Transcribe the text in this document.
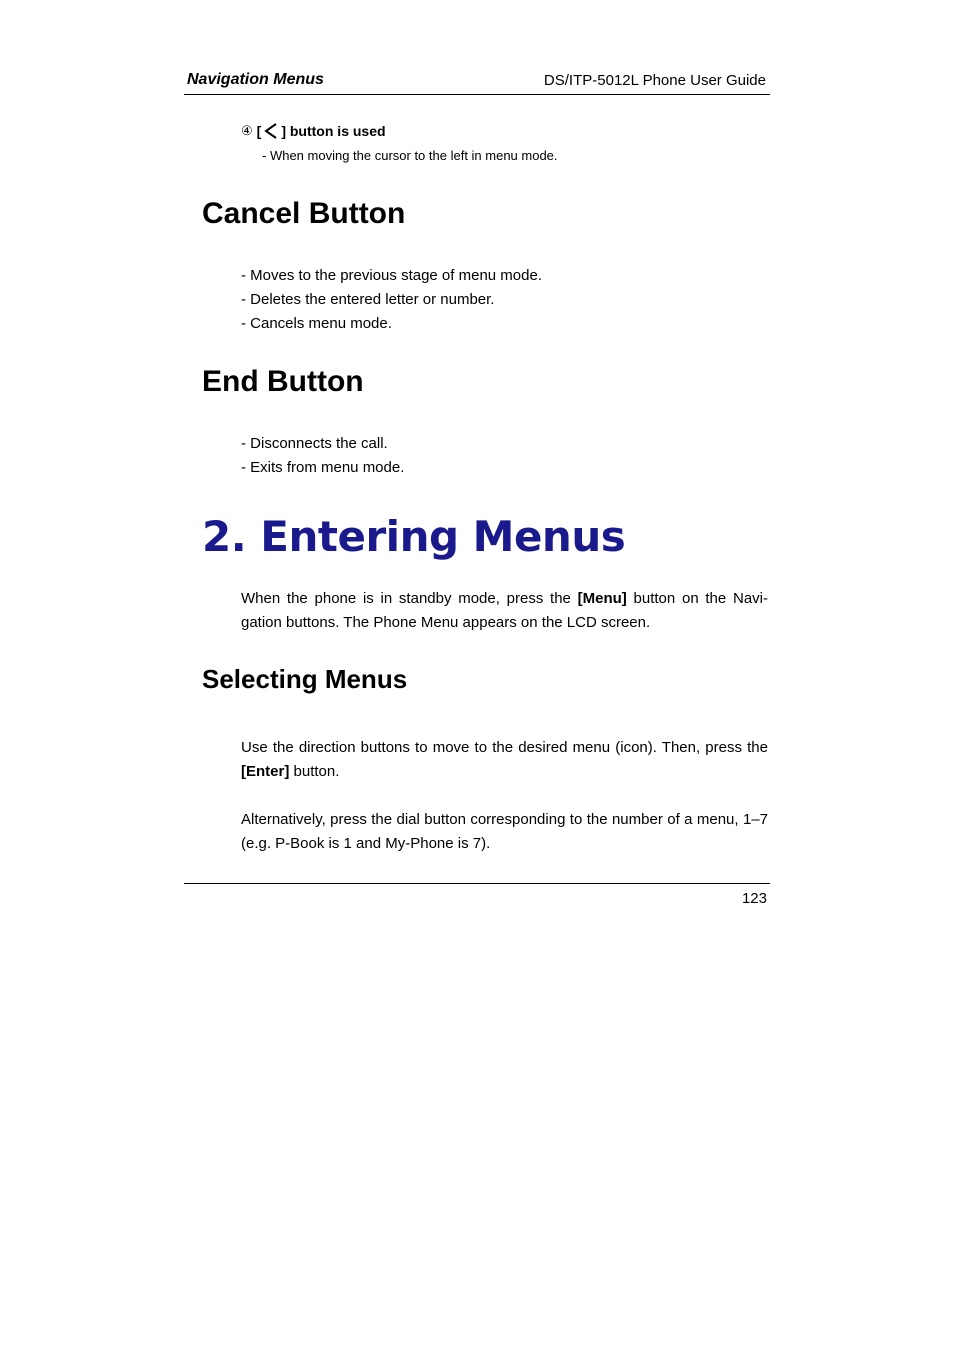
Navigation Menus	DS/ITP-5012L Phone User Guide
④ [ ] button is used
- When moving the cursor to the left in menu mode.
Cancel Button
- Moves to the previous stage of menu mode.
- Deletes the entered letter or number.
- Cancels menu mode.
End Button
- Disconnects the call.
- Exits from menu mode.
2. Entering Menus
When the phone is in standby mode, press the [Menu] button on the Navi-gation buttons. The Phone Menu appears on the LCD screen.
Selecting Menus
Use the direction buttons to move to the desired menu (icon). Then, press the [Enter] button.
Alternatively, press the dial button corresponding to the number of a menu, 1–7 (e.g. P-Book is 1 and My-Phone is 7).
123
